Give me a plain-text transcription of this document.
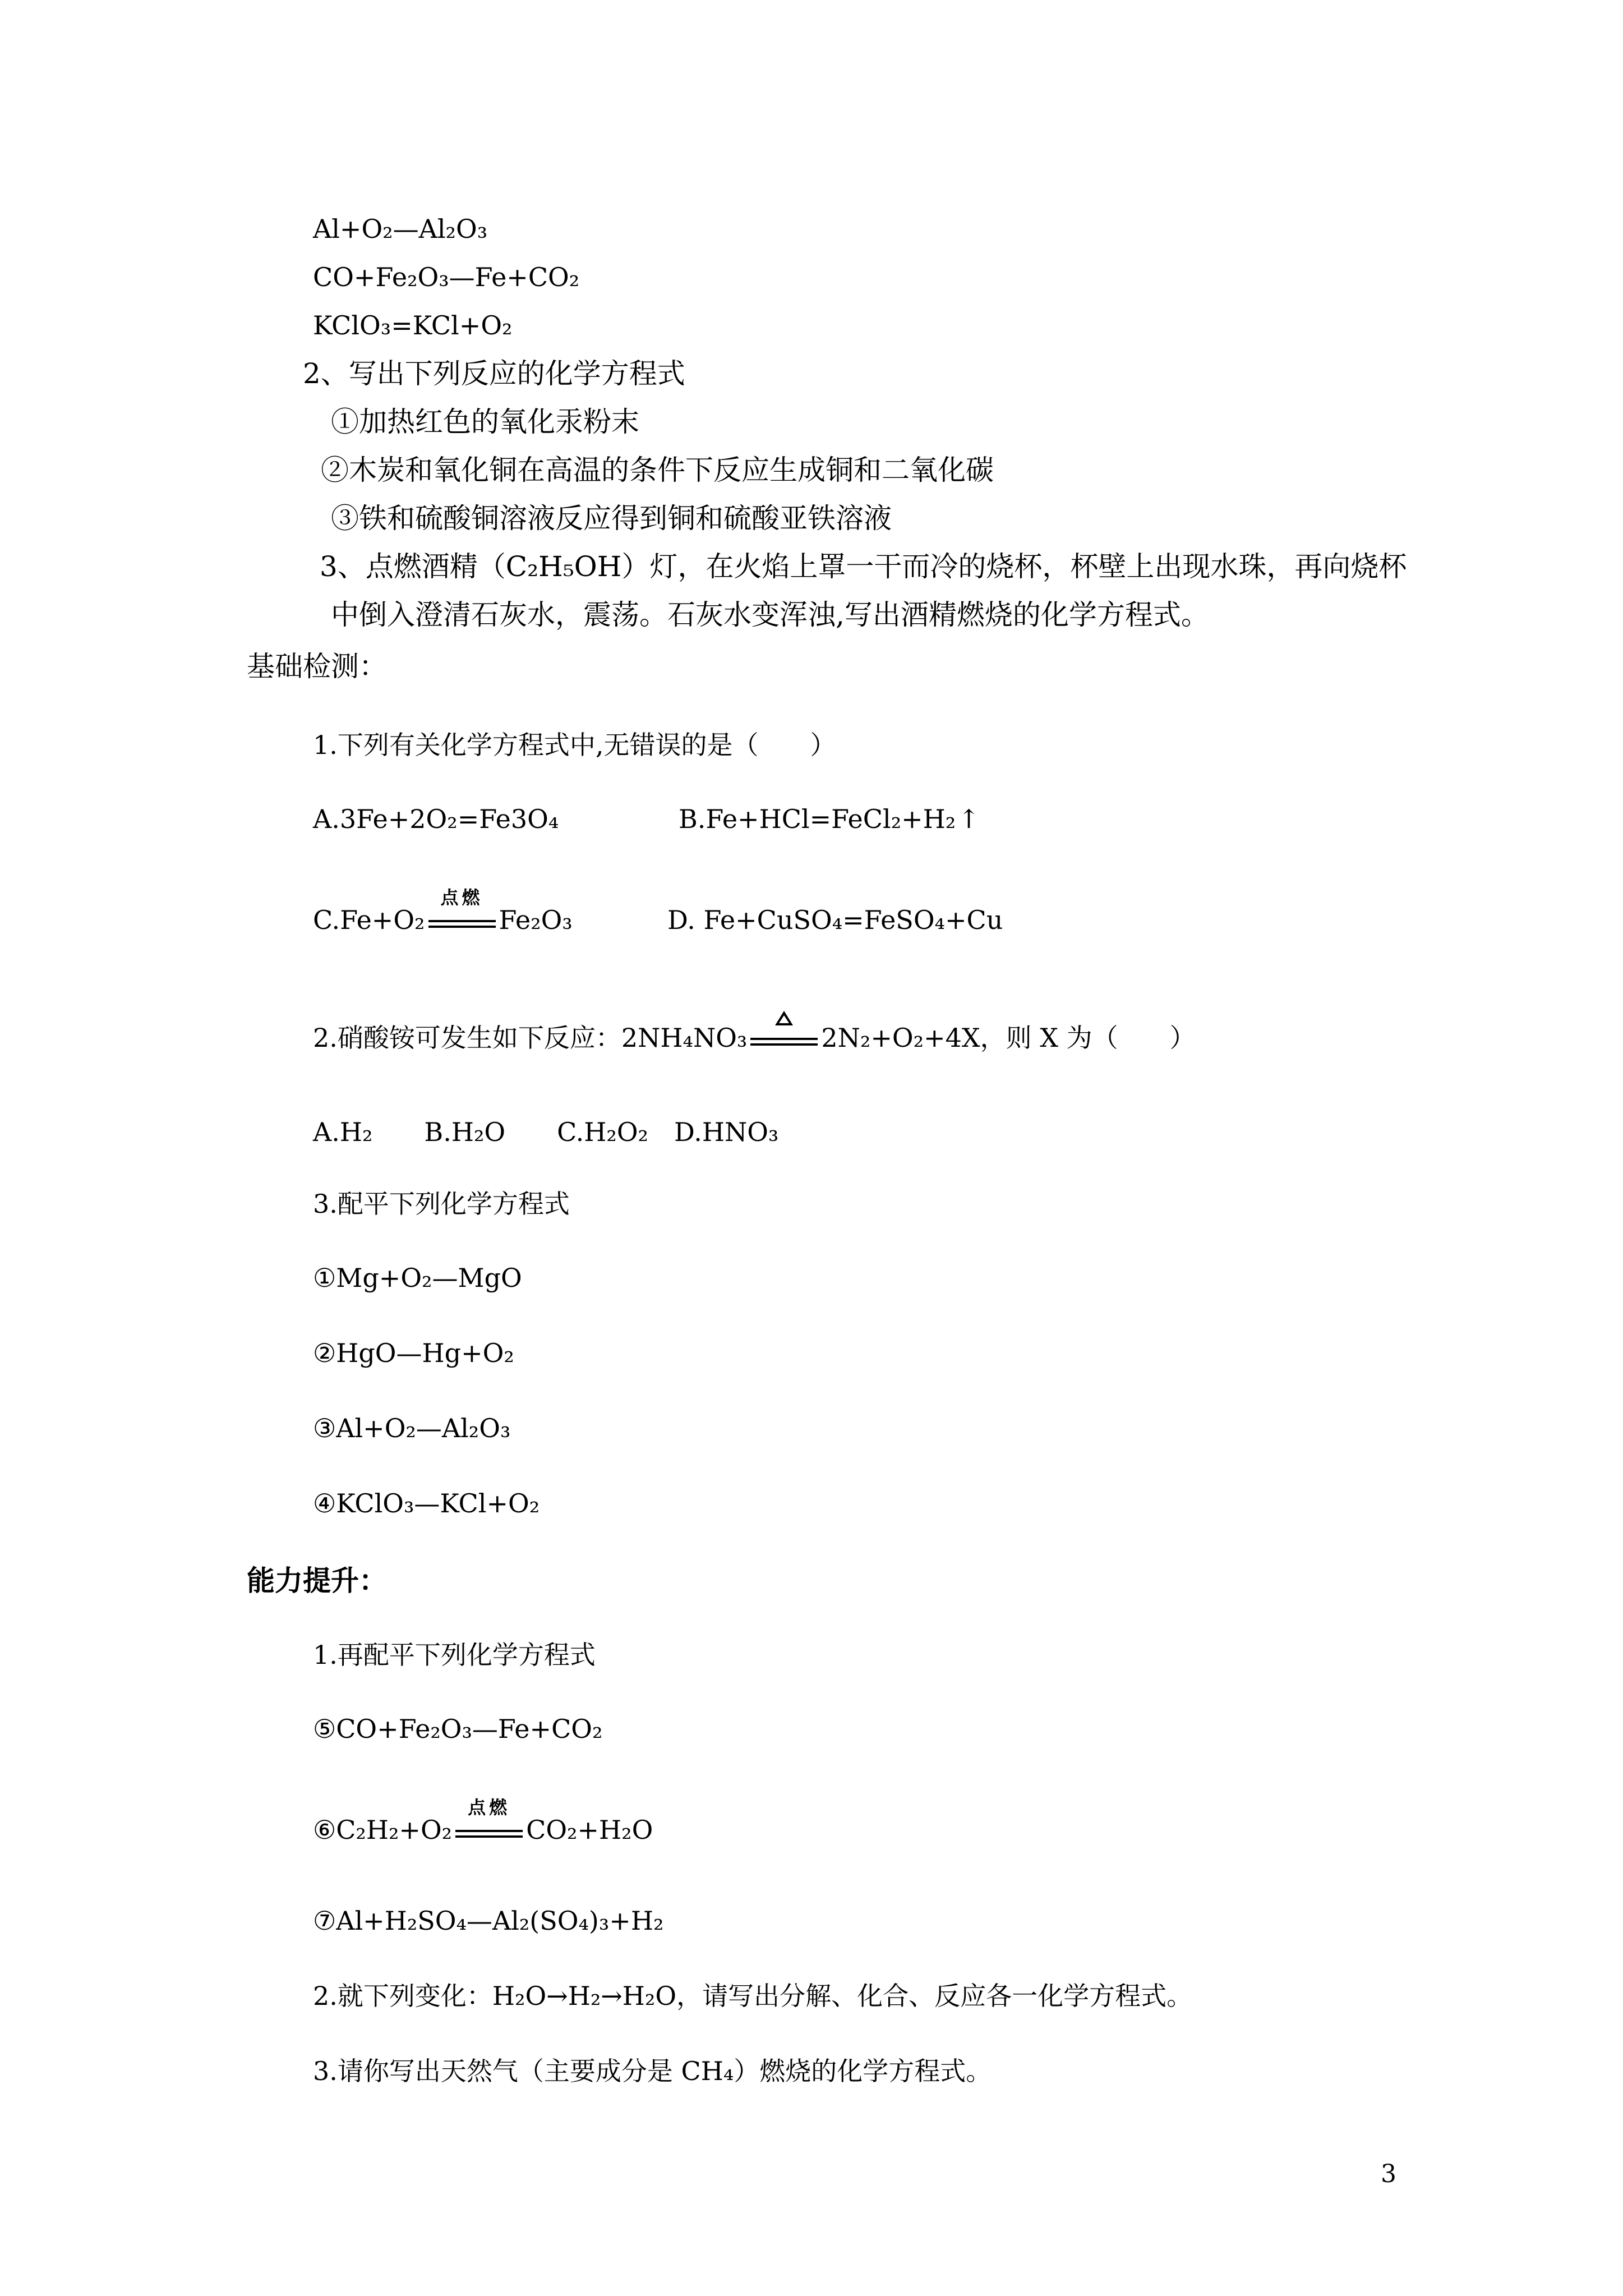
Al+O₂—Al₂O₃
CO+Fe₂O₃—Fe+CO₂
KClO₃=KCl+O₂
2、写出下列反应的化学方程式
①加热红色的氧化汞粉末
②木炭和氧化铜在高温的条件下反应生成铜和二氧化碳
③铁和硫酸铜溶液反应得到铜和硫酸亚铁溶液
3、点燃酒精（C₂H₅OH）灯，在火焰上罩一干而冷的烧杯，杯壁上出现水珠，再向烧杯
中倒入澄清石灰水，震荡。石灰水变浑浊,写出酒精燃烧的化学方程式。
基础检测：
1.下列有关化学方程式中,无错误的是（　　）
A.3Fe+2O₂=Fe3O₄	B.Fe+HCl=FeCl₂+H₂↑
C.Fe+O₂
点燃
Fe₂O₃	D. Fe+CuSO₄=FeSO₄+Cu
2.硝酸铵可发生如下反应：2NH₄NO₃	2N₂+O₂+4X，则 X 为（　　）
A.H₂　　B.H₂O　　C.H₂O₂　D.HNO₃
3.配平下列化学方程式
①Mg+O₂—MgO
②HgO—Hg+O₂
③Al+O₂—Al₂O₃
④KClO₃—KCl+O₂
能力提升：
1.再配平下列化学方程式
⑤CO+Fe₂O₃—Fe+CO₂
⑥C₂H₂+O₂
点燃
CO₂+H₂O
⑦Al+H₂SO₄—Al₂(SO₄)₃+H₂
2.就下列变化：H₂O→H₂→H₂O，请写出分解、化合、反应各一化学方程式。
3.请你写出天然气（主要成分是 CH₄）燃烧的化学方程式。
3
